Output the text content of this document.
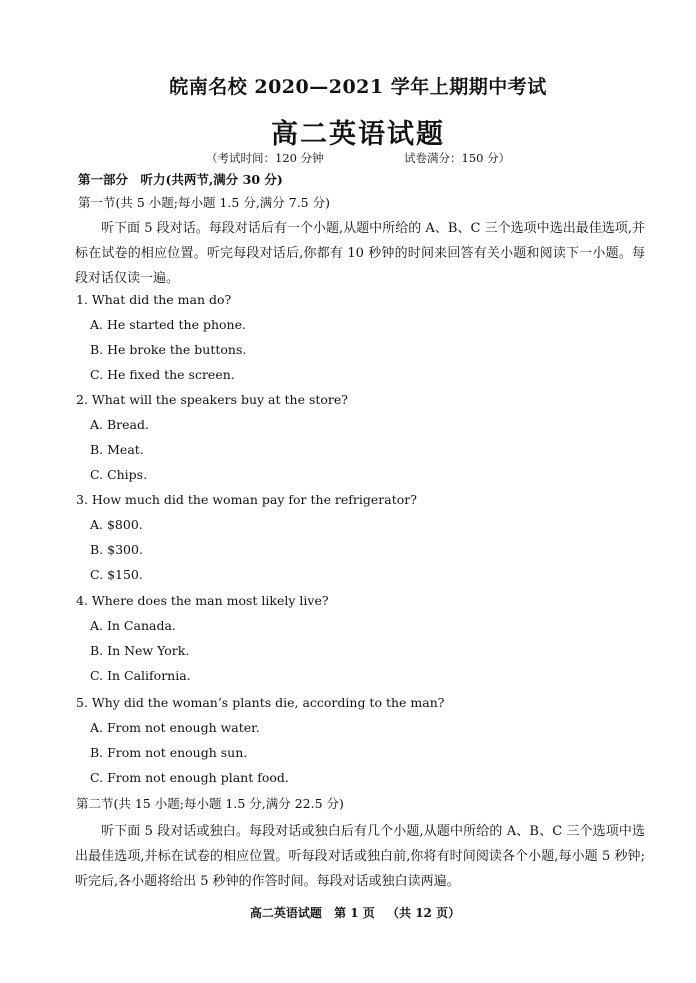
皖南名校 2020—2021 学年上期期中考试
高二英语试题
（考试时间：120 分钟	试卷满分：150 分）
第一部分　听力(共两节,满分 30 分)
第一节(共 5 小题;每小题 1.5 分,满分 7.5 分)
听下面 5 段对话。每段对话后有一个小题,从题中所给的 A、B、C 三个选项中选出最佳选项,并标在试卷的相应位置。听完每段对话后,你都有 10 秒钟的时间来回答有关小题和阅读下一小题。每段对话仅读一遍。
1. What did the man do?
A. He started the phone.
B. He broke the buttons.
C. He fixed the screen.
2. What will the speakers buy at the store?
A. Bread.
B. Meat.
C. Chips.
3. How much did the woman pay for the refrigerator?
A. $800.
B. $300.
C. $150.
4. Where does the man most likely live?
A. In Canada.
B. In New York.
C. In California.
5. Why did the woman’s plants die, according to the man?
A. From not enough water.
B. From not enough sun.
C. From not enough plant food.
第二节(共 15 小题;每小题 1.5 分,满分 22.5 分)
听下面 5 段对话或独白。每段对话或独白后有几个小题,从题中所给的 A、B、C 三个选项中选出最佳选项,并标在试卷的相应位置。听每段对话或独白前,你将有时间阅读各个小题,每小题 5 秒钟;听完后,各小题将给出 5 秒钟的作答时间。每段对话或独白读两遍。
高二英语试题 第 1 页 （共 12 页）
